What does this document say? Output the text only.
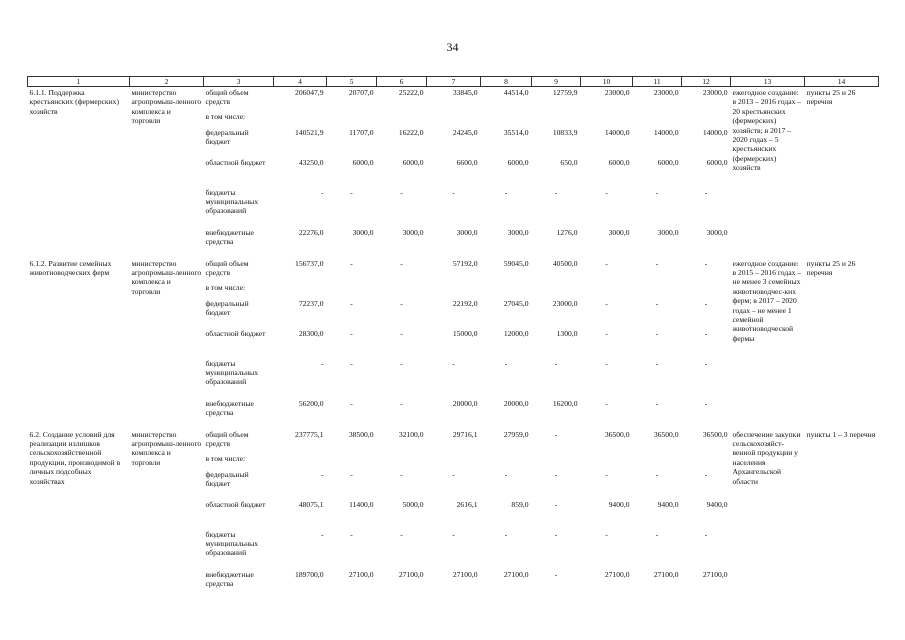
34
1	2	3	4	5	6	7	8	9	10	11	12	13	14
6.1.1. Поддержка крестьянских (фермерских) хозяйств	министерство агропромыш-ленного комплекса и торговли	общий объем средств	206047,9	20707,0	25222,0	33845,0	44514,0	12759,9	23000,0	23000,0	23000,0	ежегодное создание: в 2013 – 2016 годах – 20 крестьянских (фермерских) хозяйств; в 2017 – 2020 годах – 5 крестьянских (фермерских) хозяйств	пункты 25 и 26 перечня
		в том числе:											
		федеральный бюджет	140521,9	11707,0	16222,0	24245,0	35514,0	10833,9	14000,0	14000,0	14000,0		
		областной бюджет	43250,0	6000,0	6000,0	6600,0	6000,0	650,0	6000,0	6000,0	6000,0		
		бюджеты муниципальных образований	-	-	-	-	-	-	-	-	-		
		внебюджетные средства	22276,0	3000,0	3000,0	3000,0	3000,0	1276,0	3000,0	3000,0	3000,0		

6.1.2. Развитие семейных животноводческих ферм	министерство агропромыш-ленного комплекса и торговли	общий объем средств	156737,0	-	-	57192,0	59045,0	40500,0	-	-	-	ежегодное создание: в 2015 – 2016 годах – не менее 3 семейных животноводчес-ких ферм; в 2017 – 2020 годах – не менее 1 семейной животноводческой фермы	пункты 25 и 26 перечня
		в том числе:											
		федеральный бюджет	72237,0	-	-	22192,0	27045,0	23000,0	-	-	-		
		областной бюджет	28300,0	-	-	15000,0	12000,0	1300,0	-	-	-		
		бюджеты муниципальных образований	-	-	-	-	-	-	-	-	-		
		внебюджетные средства	56200,0	-	-	20000,0	20000,0	16200,0	-	-	-		

6.2. Создание условий для реализации излишков сельскохозяйственной продукции, производимой в личных подсобных хозяйствах	министерство агропромыш-ленного комплекса и торговли	общий объем средств	237775,1	38500,0	32100,0	29716,1	27959,0	-	36500,0	36500,0	36500,0	обеспечение закупки сельскохозяйст-венной продукции у населения Архангельской области	пункты 1 – 3 перечня
		в том числе:											
		федеральный бюджет	-	-	-	-	-	-	-	-	-		
		областной бюджет	48075,1	11400,0	5000,0	2616,1	859,0	-	9400,0	9400,0	9400,0		
		бюджеты муниципальных образований	-	-	-	-	-	-	-	-	-		
		внебюджетные средства	189700,0	27100,0	27100,0	27100,0	27100,0	-	27100,0	27100,0	27100,0		
